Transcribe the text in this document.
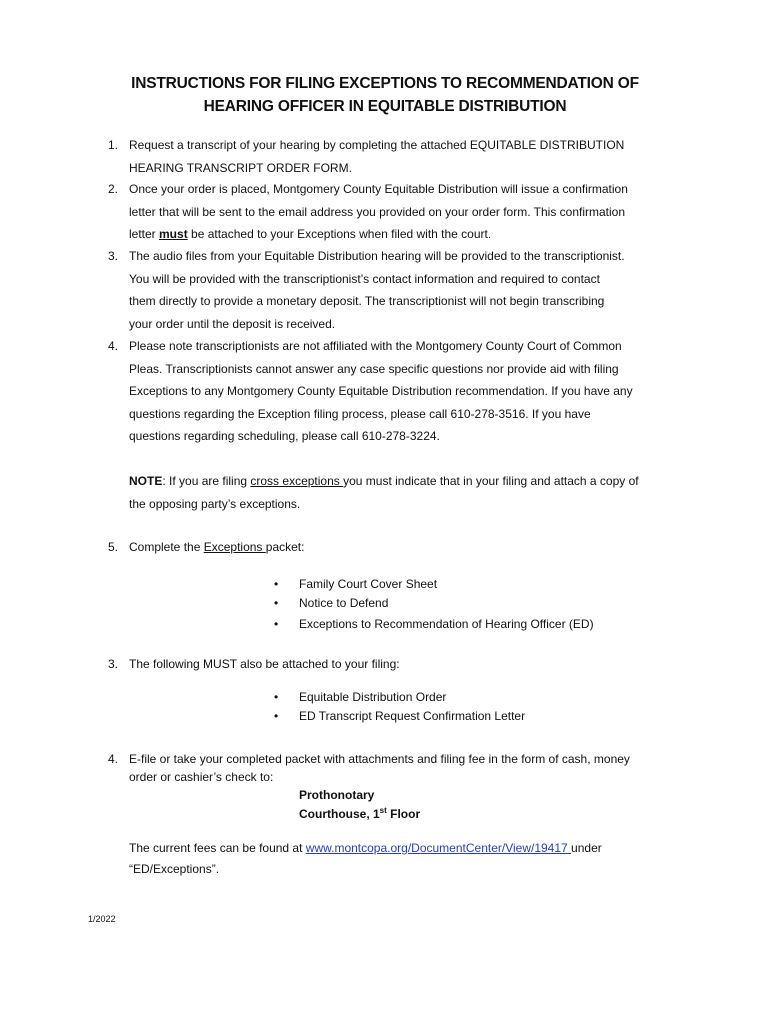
INSTRUCTIONS FOR FILING EXCEPTIONS TO RECOMMENDATION OF
HEARING OFFICER IN EQUITABLE DISTRIBUTION
1. Request a transcript of your hearing by completing the attached EQUITABLE DISTRIBUTION
HEARING TRANSCRIPT ORDER FORM.
2. Once your order is placed, Montgomery County Equitable Distribution will issue a confirmation
letter that will be sent to the email address you provided on your order form. This confirmation
letter must be attached to your Exceptions when filed with the court.
3. The audio files from your Equitable Distribution hearing will be provided to the transcriptionist.
You will be provided with the transcriptionist’s contact information and required to contact
them directly to provide a monetary deposit. The transcriptionist will not begin transcribing
your order until the deposit is received.
4. Please note transcriptionists are not affiliated with the Montgomery County Court of Common
Pleas. Transcriptionists cannot answer any case specific questions nor provide aid with filing
Exceptions to any Montgomery County Equitable Distribution recommendation. If you have any
questions regarding the Exception filing process, please call 610-278-3516. If you have
questions regarding scheduling, please call 610-278-3224.
NOTE: If you are filing cross exceptions you must indicate that in your filing and attach a copy of
the opposing party’s exceptions.
5. Complete the Exceptions packet:
• Family Court Cover Sheet
• Notice to Defend
• Exceptions to Recommendation of Hearing Officer (ED)
3. The following MUST also be attached to your filing:
• Equitable Distribution Order
• ED Transcript Request Confirmation Letter
4. E-file or take your completed packet with attachments and filing fee in the form of cash, money
order or cashier’s check to:
Prothonotary
Courthouse, 1st Floor
The current fees can be found at www.montcopa.org/DocumentCenter/View/19417 under
“ED/Exceptions”.
1/2022
